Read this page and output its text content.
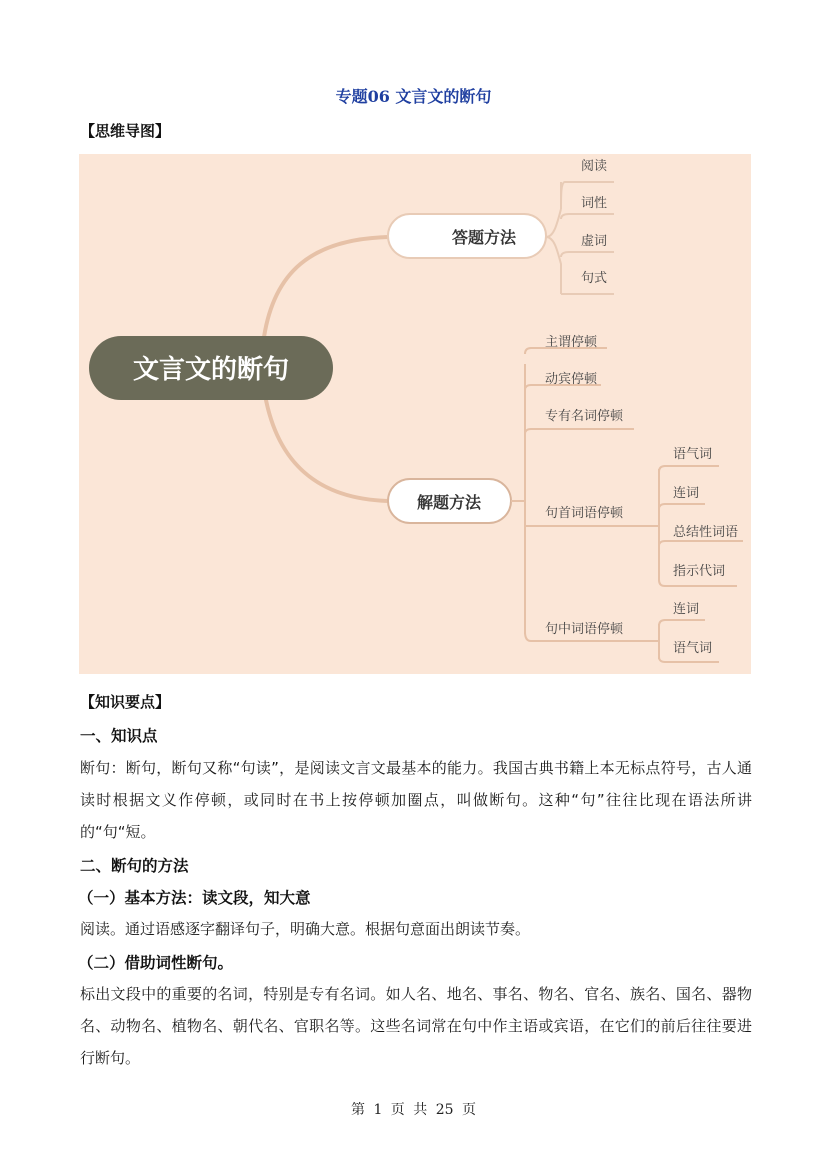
专题06 文言文的断句
【思维导图】
文言文的断句
答题方法
阅读
词性
虚词
句式
解题方法
主谓停顿
动宾停顿
专有名词停顿
句首词语停顿
句中词语停顿
语气词
连词
总结性词语
指示代词
连词
语气词
【知识要点】
一、知识点
断句：断句，断句又称“句读”，是阅读文言文最基本的能力。我国古典书籍上本无标点符号，古人通读时根据文义作停顿，或同时在书上按停顿加圈点，叫做断句。这种“句”往往比现在语法所讲的“句“短。
二、断句的方法
（一）基本方法：读文段，知大意
阅读。通过语感逐字翻译句子，明确大意。根据句意面出朗读节奏。
（二）借助词性断句。
标出文段中的重要的名词，特别是专有名词。如人名、地名、事名、物名、官名、族名、国名、器物名、动物名、植物名、朝代名、官职名等。这些名词常在句中作主语或宾语，在它们的前后往往要进行断句。
第 1 页 共 25 页
